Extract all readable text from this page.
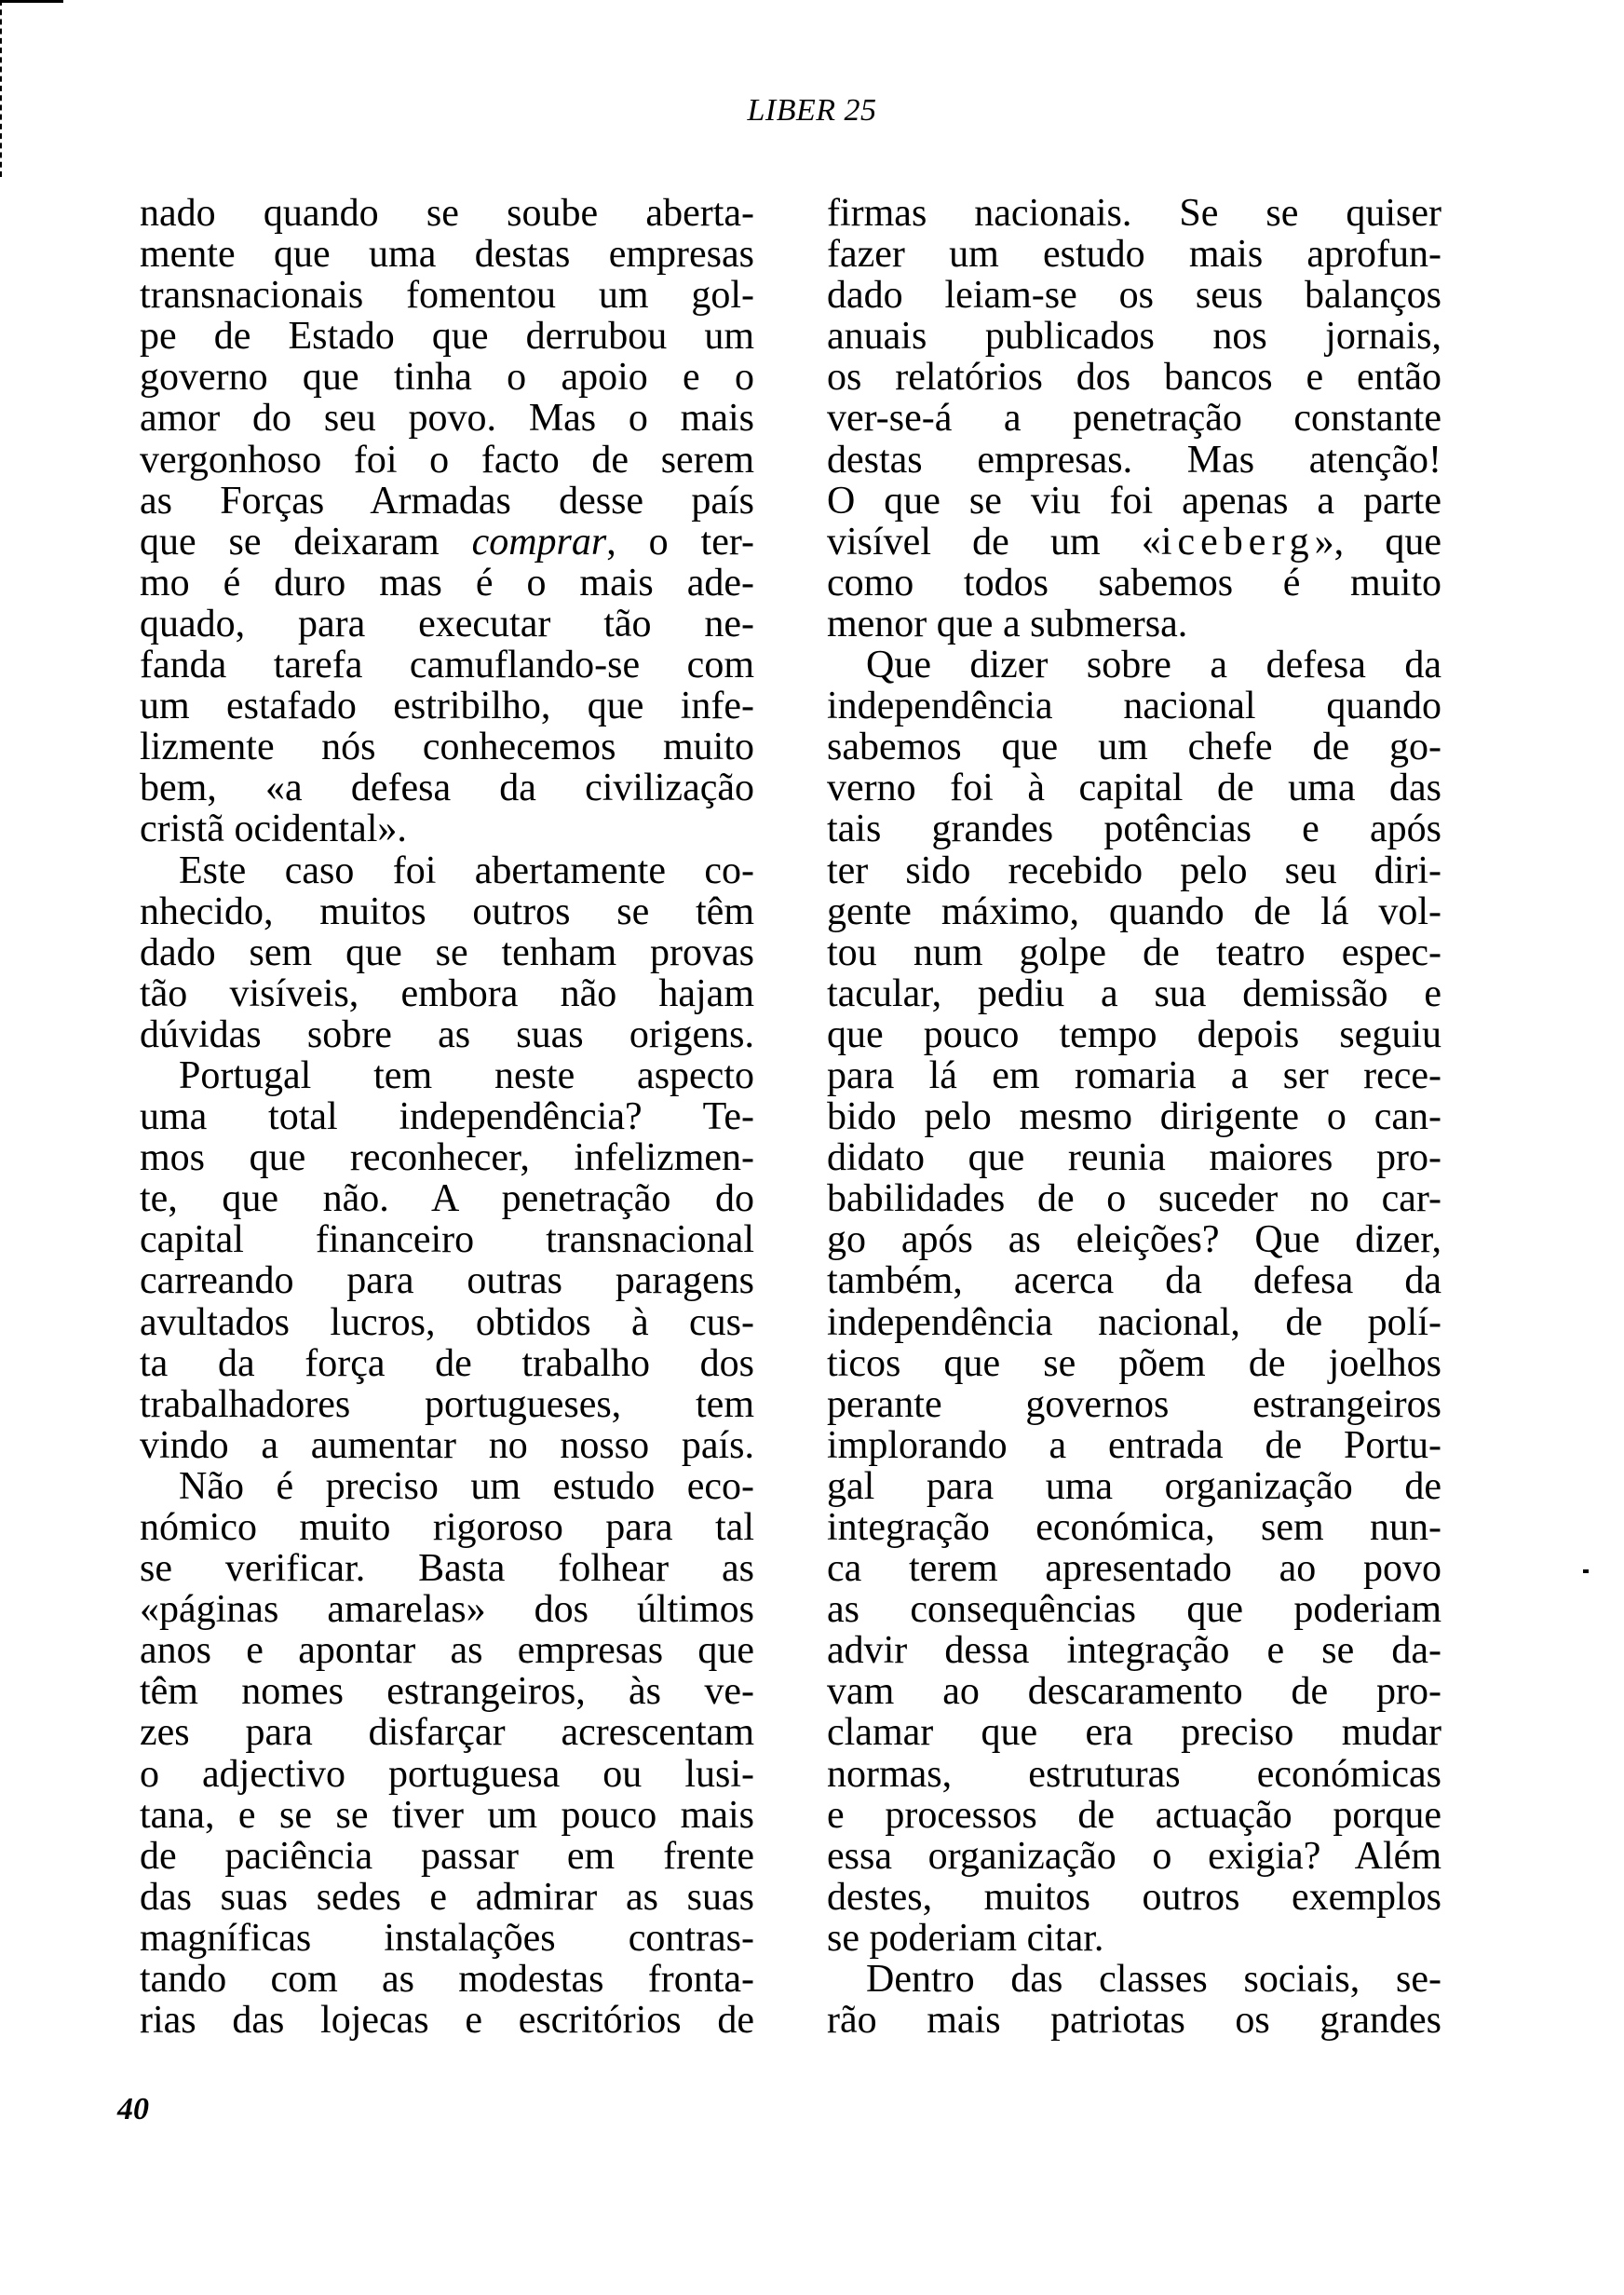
LIBER 25
nado quando se soube aberta-
mente que uma destas empresas
transnacionais fomentou um gol-
pe de Estado que derrubou um
governo que tinha o apoio e o
amor do seu povo. Mas o mais
vergonhoso foi o facto de serem
as Forças Armadas desse país
que se deixaram comprar, o ter-
mo é duro mas é o mais ade-
quado, para executar tão ne-
fanda tarefa camuflando-se com
um estafado estribilho, que infe-
lizmente nós conhecemos muito
bem, «a defesa da civilização
cristã ocidental».
Este caso foi abertamente co-
nhecido, muitos outros se têm
dado sem que se tenham provas
tão visíveis, embora não hajam
dúvidas sobre as suas origens.
Portugal tem neste aspecto
uma total independência? Te-
mos que reconhecer, infelizmen-
te, que não. A penetração do
capital financeiro transnacional
carreando para outras paragens
avultados lucros, obtidos à cus-
ta da força de trabalho dos
trabalhadores portugueses, tem
vindo a aumentar no nosso país.
Não é preciso um estudo eco-
nómico muito rigoroso para tal
se verificar. Basta folhear as
«páginas amarelas» dos últimos
anos e apontar as empresas que
têm nomes estrangeiros, às ve-
zes para disfarçar acrescentam
o adjectivo portuguesa ou lusi-
tana, e se se tiver um pouco mais
de paciência passar em frente
das suas sedes e admirar as suas
magníficas instalações contras-
tando com as modestas fronta-
rias das lojecas e escritórios de
firmas nacionais. Se se quiser
fazer um estudo mais aprofun-
dado leiam-se os seus balanços
anuais publicados nos jornais,
os relatórios dos bancos e então
ver-se-á a penetração constante
destas empresas. Mas atenção!
O que se viu foi apenas a parte
visível de um «iceberg», que
como todos sabemos é muito
menor que a submersa.
Que dizer sobre a defesa da
independência nacional quando
sabemos que um chefe de go-
verno foi à capital de uma das
tais grandes potências e após
ter sido recebido pelo seu diri-
gente máximo, quando de lá vol-
tou num golpe de teatro espec-
tacular, pediu a sua demissão e
que pouco tempo depois seguiu
para lá em romaria a ser rece-
bido pelo mesmo dirigente o can-
didato que reunia maiores pro-
babilidades de o suceder no car-
go após as eleições? Que dizer,
também, acerca da defesa da
independência nacional, de polí-
ticos que se põem de joelhos
perante governos estrangeiros
implorando a entrada de Portu-
gal para uma organização de
integração económica, sem nun-
ca terem apresentado ao povo
as consequências que poderiam
advir dessa integração e se da-
vam ao descaramento de pro-
clamar que era preciso mudar
normas, estruturas económicas
e processos de actuação porque
essa organização o exigia? Além
destes, muitos outros exemplos
se poderiam citar.
Dentro das classes sociais, se-
rão mais patriotas os grandes
40
